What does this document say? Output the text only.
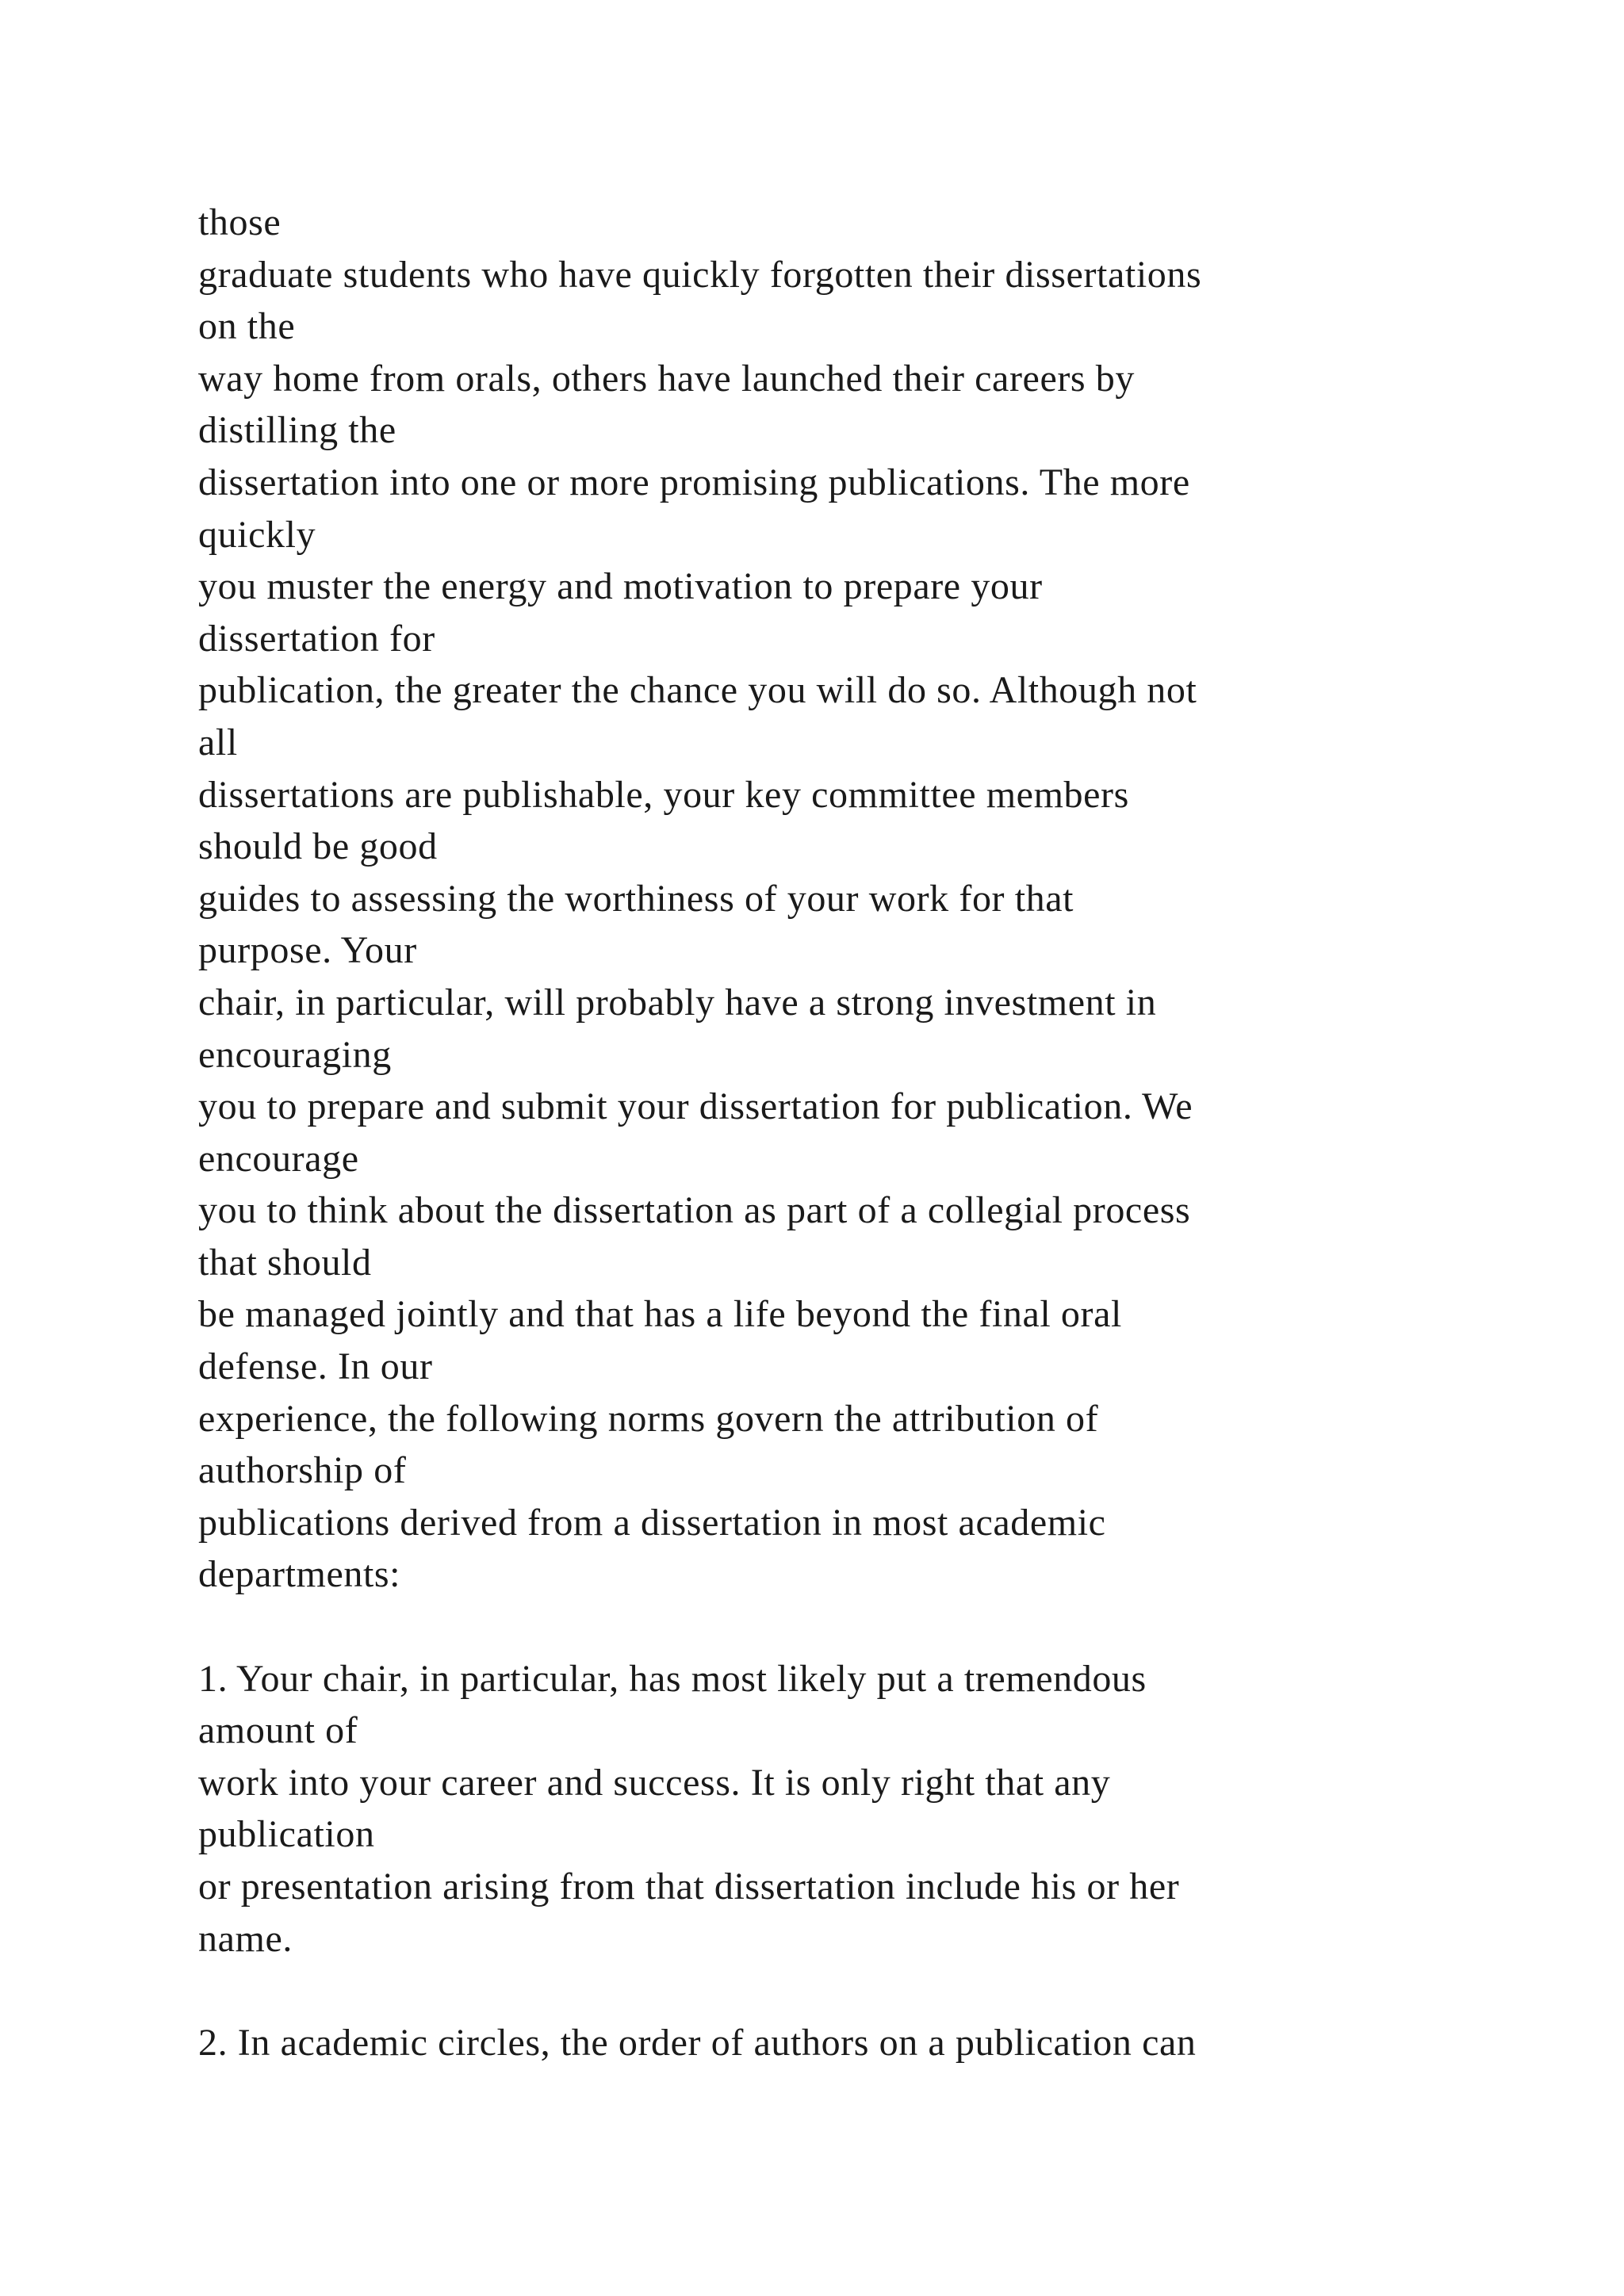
those
graduate students who have quickly forgotten their dissertations
on the
way home from orals, others have launched their careers by
distilling the
dissertation into one or more promising publications. The more
quickly
you muster the energy and motivation to prepare your
dissertation for
publication, the greater the chance you will do so. Although not
all
dissertations are publishable, your key committee members
should be good
guides to assessing the worthiness of your work for that
purpose. Your
chair, in particular, will probably have a strong investment in
encouraging
you to prepare and submit your dissertation for publication. We
encourage
you to think about the dissertation as part of a collegial process
that should
be managed jointly and that has a life beyond the final oral
defense. In our
experience, the following norms govern the attribution of
authorship of
publications derived from a dissertation in most academic
departments:
1. Your chair, in particular, has most likely put a tremendous
amount of
work into your career and success. It is only right that any
publication
or presentation arising from that dissertation include his or her
name.
2. In academic circles, the order of authors on a publication can
